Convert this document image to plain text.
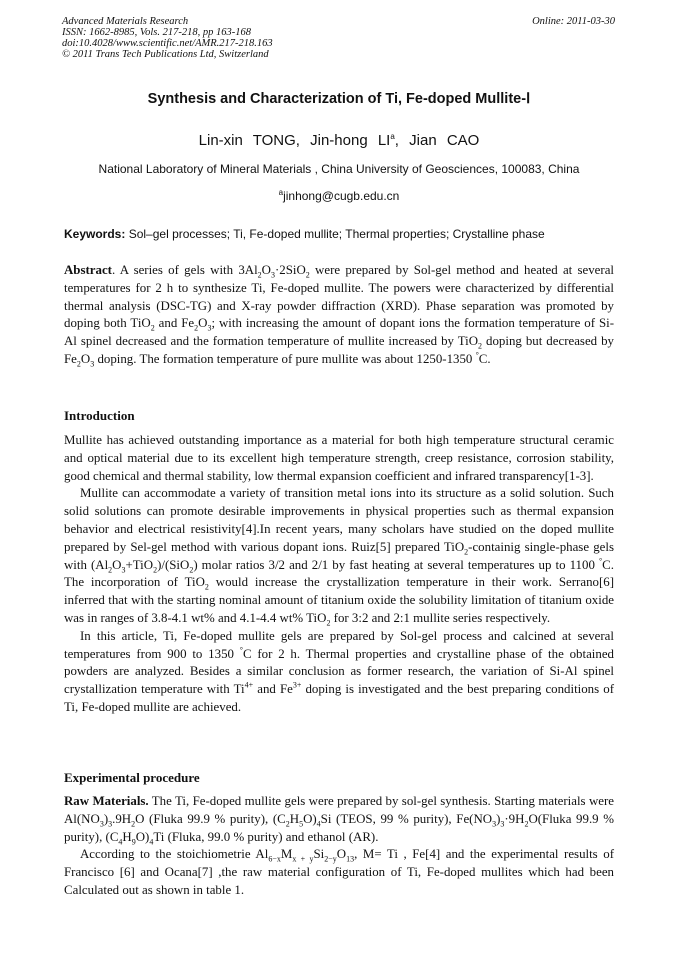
Advanced Materials Research
ISSN: 1662-8985, Vols. 217-218, pp 163-168
doi:10.4028/www.scientific.net/AMR.217-218.163
© 2011 Trans Tech Publications Ltd, Switzerland
Online: 2011-03-30
Synthesis and Characterization of Ti, Fe-doped Mullite-Ⅰ
Lin-xin TONG, Jin-hong $LI^a$, Jian CAO
National Laboratory of Mineral Materials , China University of Geosciences, 100083, China
$^a$jinhong@cugb.edu.cn
Keywords: Sol–gel processes; Ti, Fe-doped mullite; Thermal properties; Crystalline phase

Abstract. A series of gels with $3Al_2O_3\cdot 2SiO_2$ were prepared by Sol-gel method and heated at several temperatures for 2 h to synthesize Ti, Fe-doped mullite. The powers were characterized by differential thermal analysis (DSC-TG) and X-ray powder diffraction (XRD). Phase separation was promoted by doping both TiO$_2$ and $Fe_2O_3$; with increasing the amount of dopant ions the formation temperature of Si-Al spinel decreased and the formation temperature of mullite increased by TiO$_2$ doping but decreased by $Fe_2O_3$ doping. The formation temperature of pure mullite was about 1250-1350 °C.

Introduction

Mullite has achieved outstanding importance as a material for both high temperature structural ceramic and optical material due to its excellent high temperature strength, creep resistance, corrosion stability, good chemical and thermal stability, low thermal expansion coefficient and infrared transparency[1-3].

Mullite can accommodate a variety of transition metal ions into its structure as a solid solution. Such solid solutions can promote desirable improvements in physical properties such as thermal expansion behavior and electrical resistivity[4].In recent years, many scholars have studied on the doped mullite prepared by Sel-gel method with various dopant ions. Ruiz[5] prepared TiO$_2$-containig single-phase gels with $(Al_2O_3+TiO_2)/(SiO_2)$ molar ratios 3/2 and 2/1 by fast heating at several temperatures up to 1100 °C. The incorporation of TiO$_2$ would increase the crystallization temperature in their work. Serrano[6] inferred that with the starting nominal amount of titanium oxide the solubility limitation of titanium oxide was in ranges of 3.8-4.1 wt% and 4.1-4.4 wt% TiO$_2$ for 3:2 and 2:1 mullite series respectively.

In this article, Ti, Fe-doped mullite gels are prepared by Sol-gel process and calcined at several temperatures from 900 to 1350 °C for 2 h. Thermal properties and crystalline phase of the obtained powders are analyzed. Besides a similar conclusion as former research, the variation of Si-Al spinel crystallization temperature with $Ti^{4+}$ and $Fe^{3+}$ doping is investigated and the best preparing conditions of Ti, Fe-doped mullite are achieved.

Experimental procedure

Raw Materials. The Ti, Fe-doped mullite gels were prepared by sol-gel synthesis. Starting materials were $Al(NO_3)_3.9H_2O$ (Fluka 99.9 % purity), $(C_2H_5O)_4Si$ (TEOS, 99 % purity), $Fe(NO_3)_3\cdot 9H_2O(Fluka$ 99.9 % purity), $(C_4H_9O)_4Ti$ (Fluka, 99.0 % purity) and ethanol (AR).

According to the stoichiometrie $Al_{6-x}M_{x + y}Si_{2-y}O_{13}$, M= Ti , Fe[4] and the experimental results of Francisco [6] and Ocana[7] ,the raw material configuration of Ti, Fe-doped mullites which had been Calculated out as shown in table 1.
